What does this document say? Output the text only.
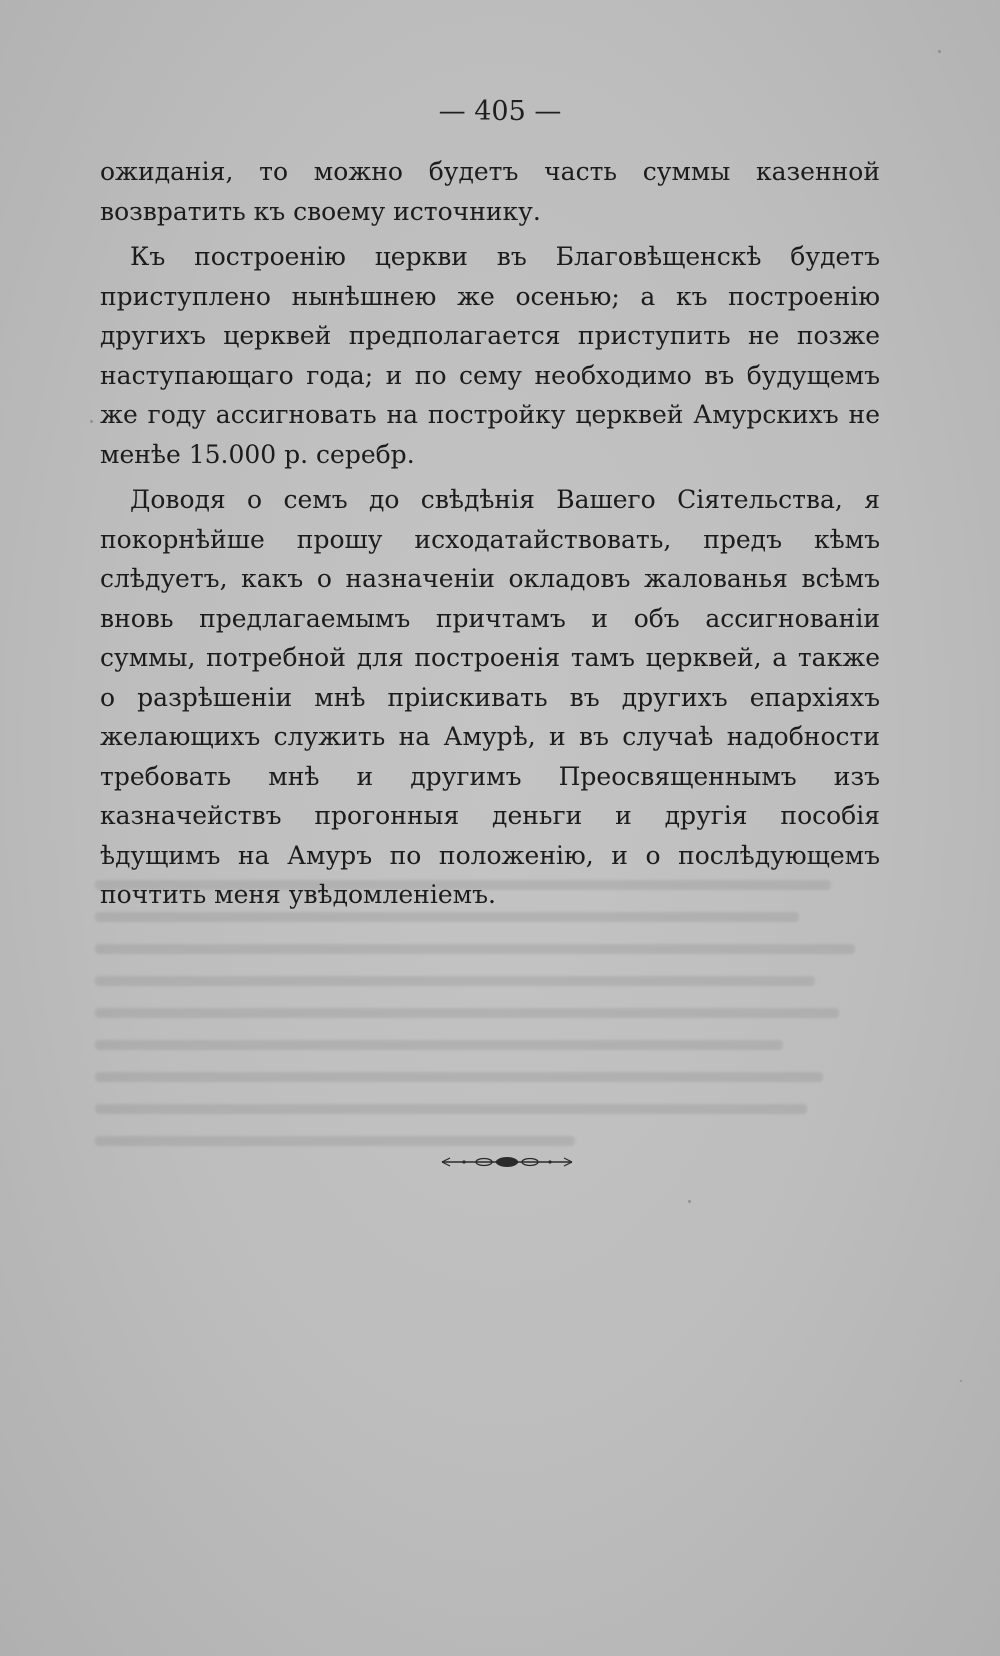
— 405 —

ожиданія, то можно будетъ часть суммы казенной возвратить къ своему источнику.

Къ построенію церкви въ Благовѣщенскѣ будетъ приступлено нынѣшнею же осенью; а къ построенію другихъ церквей предполагается приступить не позже наступающаго года; и по сему необходимо въ будущемъ же году ассигновать на постройку церквей Амурскихъ не менѣе 15.000 р. серебр.

Доводя о семъ до свѣдѣнія Вашего Сіятельства, я покорнѣйше прошу исходатайствовать, предъ кѣмъ слѣдуетъ, какъ о назначеніи окладовъ жалованья всѣмъ вновь предлагаемымъ причтамъ и объ ассигнованіи суммы, потребной для построенія тамъ церквей, а также о разрѣшеніи мнѣ пріискивать въ другихъ епархіяхъ желающихъ служить на Амурѣ, и въ случаѣ надобности требовать мнѣ и другимъ Преосвященнымъ изъ казначействъ прогонныя деньги и другія пособія ѣдущимъ на Амуръ по положенію, и о послѣдующемъ почтить меня увѣдомленіемъ.
